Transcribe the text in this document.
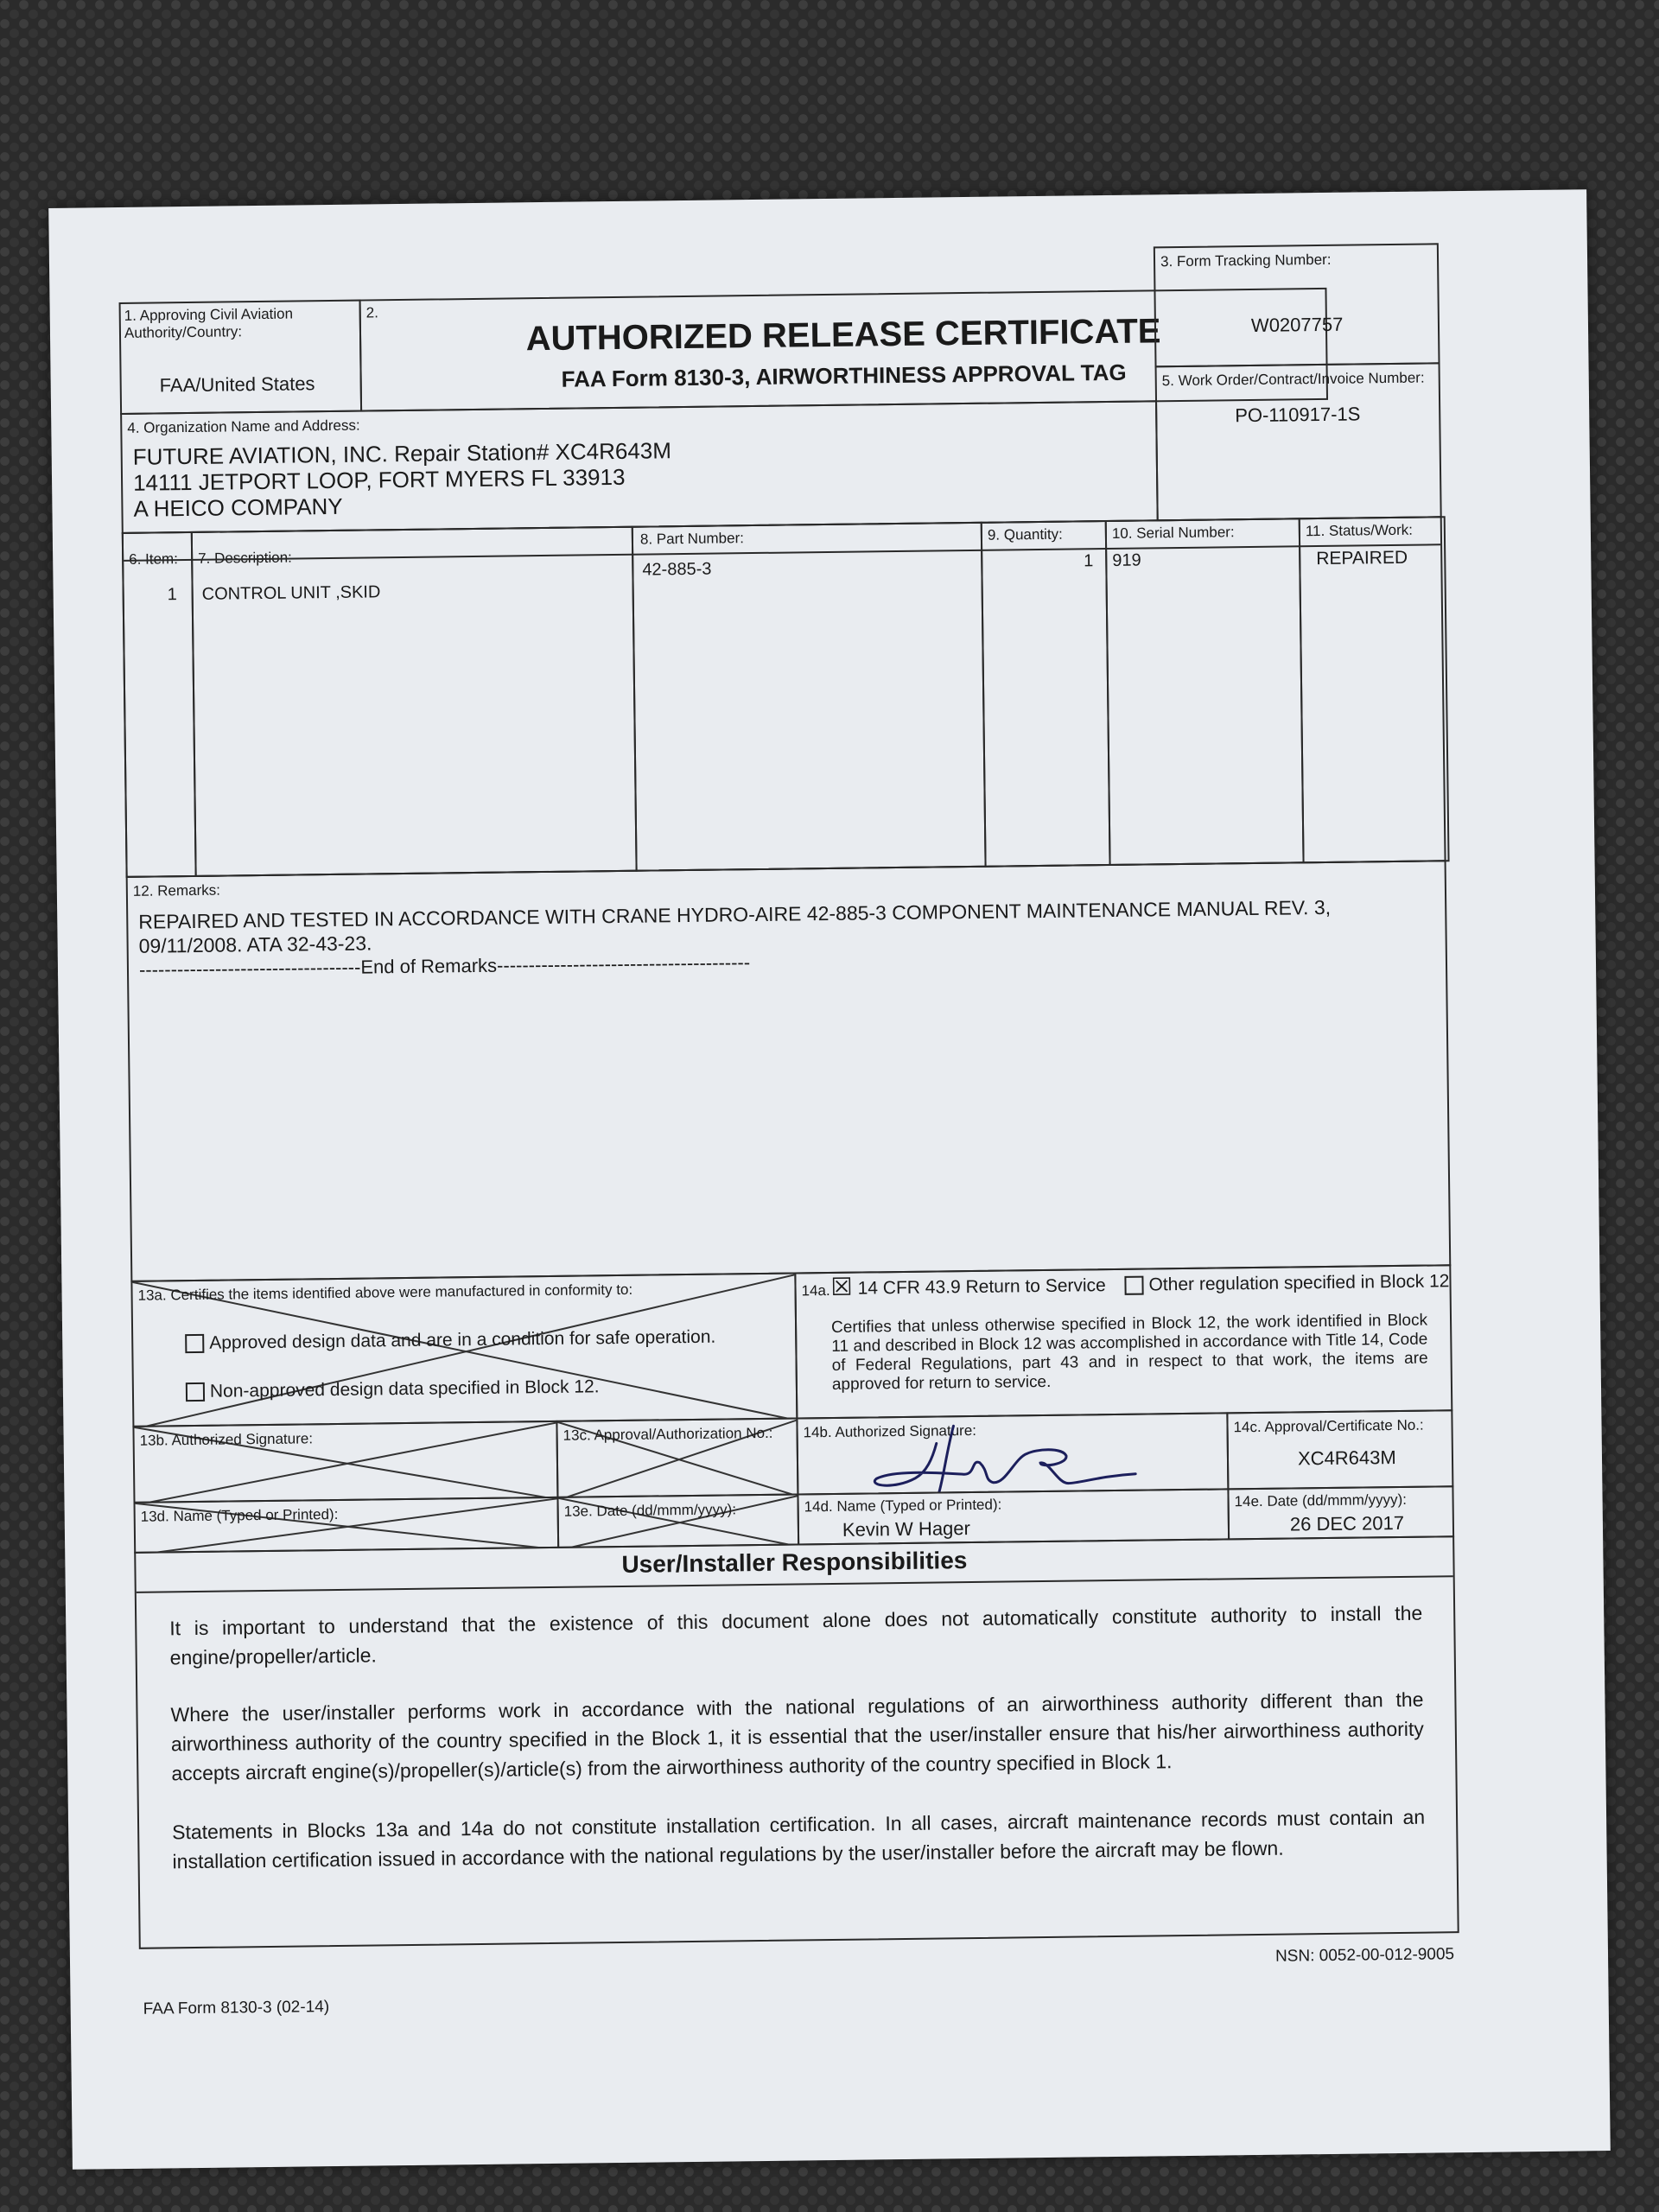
1. Approving Civil Aviation Authority/Country:
FAA/United States
2.	AUTHORIZED RELEASE CERTIFICATE
FAA Form 8130-3, AIRWORTHINESS APPROVAL TAG
3. Form Tracking Number:
W0207757
4. Organization Name and Address:
FUTURE AVIATION, INC. Repair Station# XC4R643M
14111 JETPORT LOOP, FORT MYERS FL 33913
A HEICO COMPANY
5. Work Order/Contract/Invoice Number:
PO-110917-1S
6. Item:
1
7. Description:
CONTROL UNIT ,SKID
8. Part Number:
42-885-3
9. Quantity:
1
10. Serial Number:
919
11. Status/Work:
REPAIRED
12. Remarks:
REPAIRED AND TESTED IN ACCORDANCE WITH CRANE HYDRO-AIRE 42-885-3 COMPONENT MAINTENANCE MANUAL REV. 3,
09/11/2008. ATA 32-43-23.
-----------------------------------End of Remarks----------------------------------------
13a. Certifies the items identified above were manufactured in conformity to:
Approved design data and are in a condition for safe operation.
Non-approved design data specified in Block 12.
13b. Authorized Signature:	13c. Approval/Authorization No.:
13d. Name (Typed or Printed):	13e. Date (dd/mmm/yyyy):
14a. ☒ 14 CFR 43.9 Return to Service	Other regulation specified in Block 12
Certifies that unless otherwise specified in Block 12, the work identified in Block 11 and described in Block 12 was accomplished in accordance with Title 14, Code of Federal Regulations, part 43 and in respect to that work, the items are approved for return to service.
14b. Authorized Signature:	14c. Approval/Certificate No.:
XC4R643M
14d. Name (Typed or Printed):
Kevin W Hager
14e. Date (dd/mmm/yyyy):
26 DEC 2017
User/Installer Responsibilities
It is important to understand that the existence of this document alone does not automatically constitute authority to install the engine/propeller/article.
Where the user/installer performs work in accordance with the national regulations of an airworthiness authority different than the airworthiness authority of the country specified in the Block 1, it is essential that the user/installer ensure that his/her airworthiness authority accepts aircraft engine(s)/propeller(s)/article(s) from the airworthiness authority of the country specified in Block 1.
Statements in Blocks 13a and 14a do not constitute installation certification. In all cases, aircraft maintenance records must contain an installation certification issued in accordance with the national regulations by the user/installer before the aircraft may be flown.
NSN: 0052-00-012-9005
FAA Form 8130-3 (02-14)
